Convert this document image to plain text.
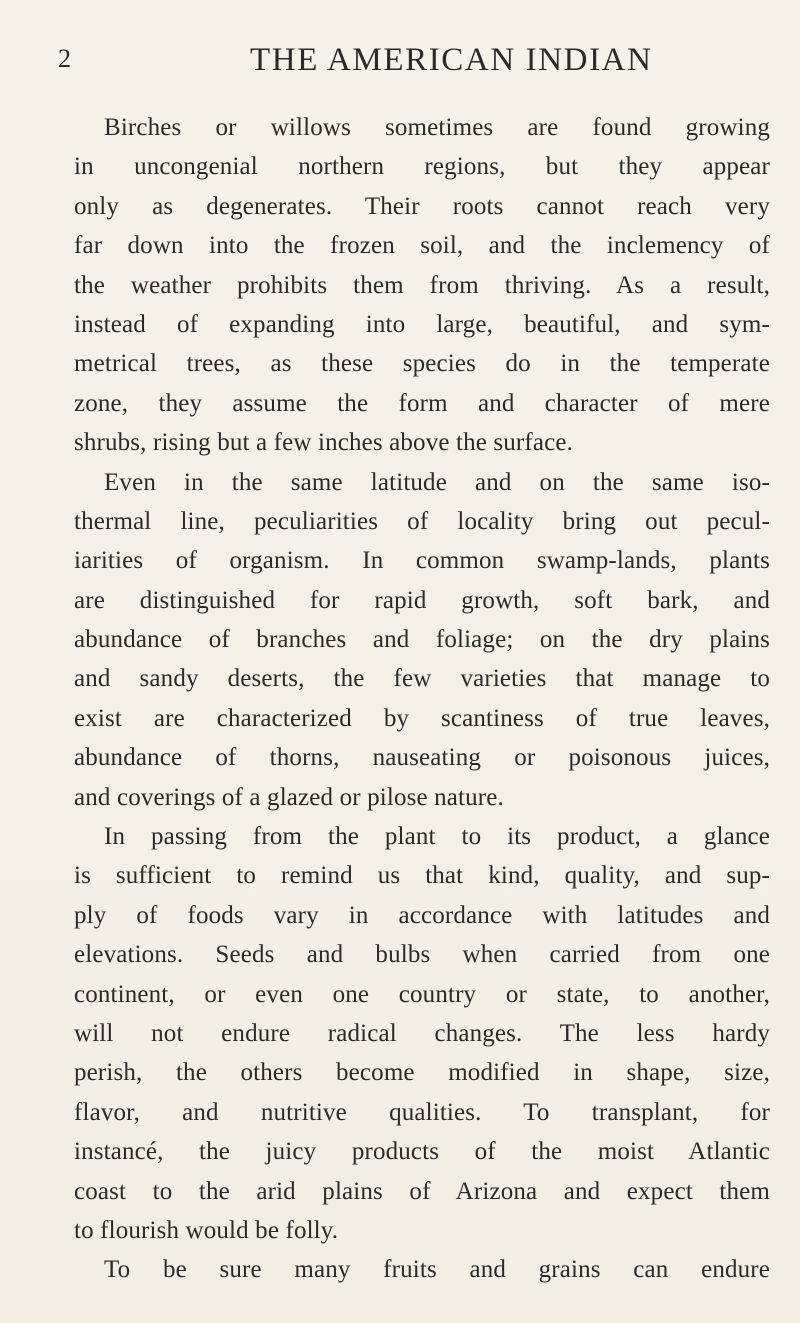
2	THE AMERICAN INDIAN
Birches or willows sometimes are found growing
in uncongenial northern regions, but they appear
only as degenerates. Their roots cannot reach very
far down into the frozen soil, and the inclemency of
the weather prohibits them from thriving. As a result,
instead of expanding into large, beautiful, and sym-
metrical trees, as these species do in the temperate
zone, they assume the form and character of mere
shrubs, rising but a few inches above the surface.
Even in the same latitude and on the same iso-
thermal line, peculiarities of locality bring out pecul-
iarities of organism. In common swamp-lands, plants
are distinguished for rapid growth, soft bark, and
abundance of branches and foliage; on the dry plains
and sandy deserts, the few varieties that manage to
exist are characterized by scantiness of true leaves,
abundance of thorns, nauseating or poisonous juices,
and coverings of a glazed or pilose nature.
In passing from the plant to its product, a glance
is sufficient to remind us that kind, quality, and sup-
ply of foods vary in accordance with latitudes and
elevations. Seeds and bulbs when carried from one
continent, or even one country or state, to another,
will not endure radical changes. The less hardy
perish, the others become modified in shape, size,
flavor, and nutritive qualities. To transplant, for
instancé, the juicy products of the moist Atlantic
coast to the arid plains of Arizona and expect them
to flourish would be folly.
To be sure many fruits and grains can endure
